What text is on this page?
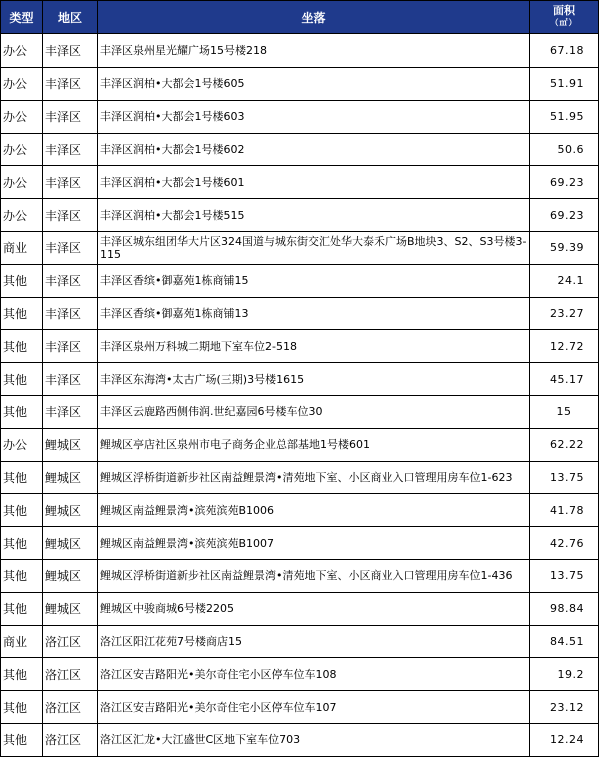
类型	地区	坐落	面积
（㎡）

办公	丰泽区	丰泽区泉州星光耀广场15号楼218	67.18
办公	丰泽区	丰泽区润柏•大都会1号楼605	51.91
办公	丰泽区	丰泽区润柏•大都会1号楼603	51.95
办公	丰泽区	丰泽区润柏•大都会1号楼602	50.6
办公	丰泽区	丰泽区润柏•大都会1号楼601	69.23
办公	丰泽区	丰泽区润柏•大都会1号楼515	69.23
商业	丰泽区	丰泽区城东组团华大片区324国道与城东街交汇处华大泰禾广场B地块3、S2、S3号楼3-115	59.39
其他	丰泽区	丰泽区香缤•御嘉苑1栋商铺15	24.1
其他	丰泽区	丰泽区香缤•御嘉苑1栋商铺13	23.27
其他	丰泽区	丰泽区泉州万科城二期地下室车位2-518	12.72
其他	丰泽区	丰泽区东海湾•太古广场(三期)3号楼1615	45.17
其他	丰泽区	丰泽区云鹿路西侧伟润.世纪嘉园6号楼车位30	15
办公	鲤城区	鲤城区亭店社区泉州市电子商务企业总部基地1号楼601	62.22
其他	鲤城区	鲤城区浮桥街道新步社区南益鲤景湾•清苑地下室、小区商业入口管理用房车位1-623	13.75
其他	鲤城区	鲤城区南益鲤景湾•滨苑滨苑B1006	41.78
其他	鲤城区	鲤城区南益鲤景湾•滨苑滨苑B1007	42.76
其他	鲤城区	鲤城区浮桥街道新步社区南益鲤景湾•清苑地下室、小区商业入口管理用房车位1-436	13.75
其他	鲤城区	鲤城区中骏商城6号楼2205	98.84
商业	洛江区	洛江区阳江花苑7号楼商店15	84.51
其他	洛江区	洛江区安吉路阳光•美尔奇住宅小区停车位车108	19.2
其他	洛江区	洛江区安吉路阳光•美尔奇住宅小区停车位车107	23.12
其他	洛江区	洛江区汇龙•大江盛世C区地下室车位703	12.24
